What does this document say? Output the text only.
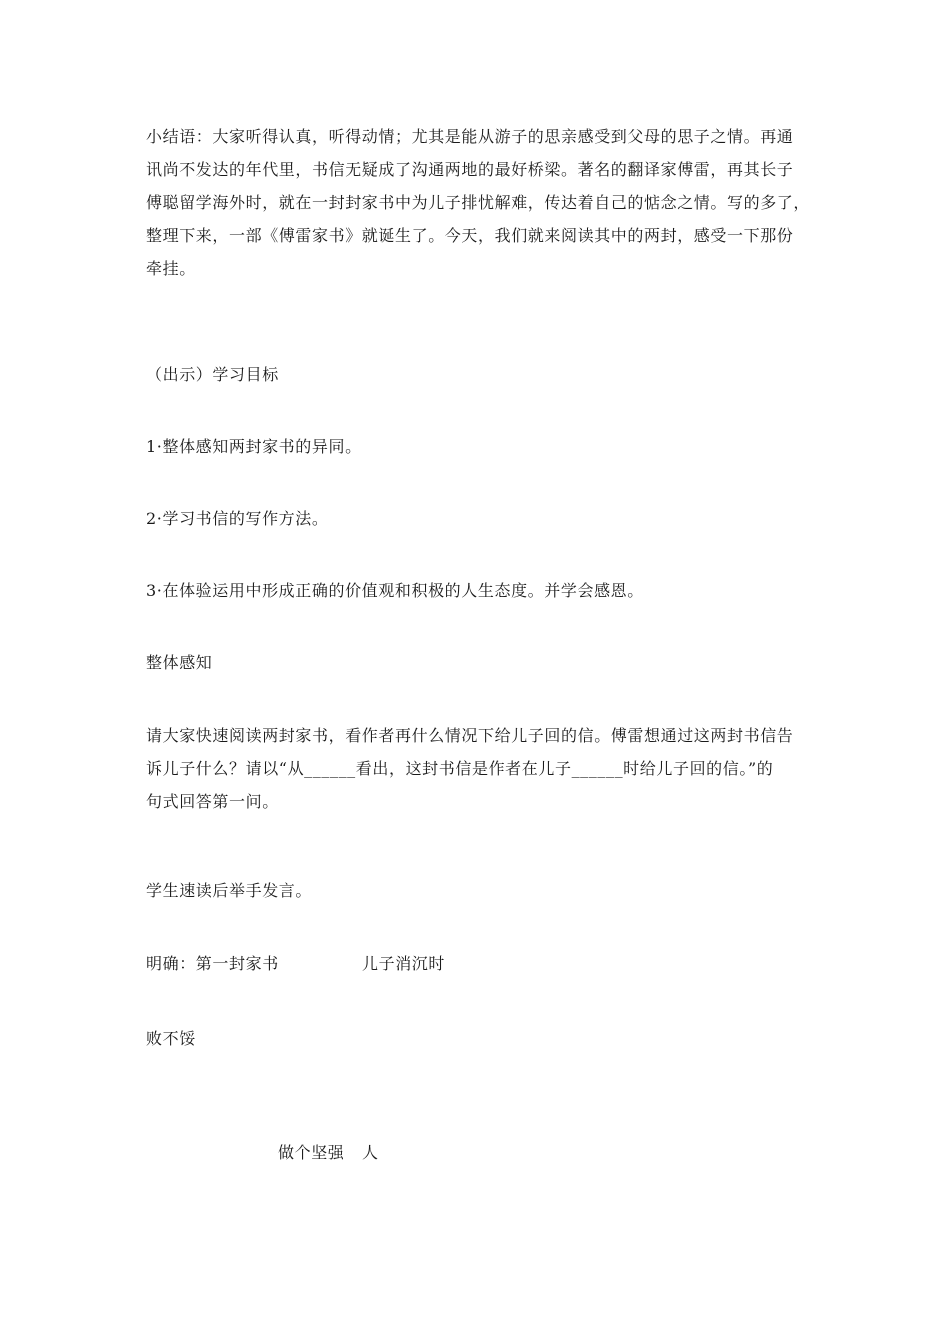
小结语：大家听得认真，听得动情；尤其是能从游子的思亲感受到父母的思子之情。再通
讯尚不发达的年代里，书信无疑成了沟通两地的最好桥梁。著名的翻译家傅雷，再其长子
傅聪留学海外时，就在一封封家书中为儿子排忧解难，传达着自己的惦念之情。写的多了，
整理下来，一部《傅雷家书》就诞生了。今天，我们就来阅读其中的两封，感受一下那份
牵挂。

（出示）学习目标

1·整体感知两封家书的异同。

2·学习书信的写作方法。

3·在体验运用中形成正确的价值观和积极的人生态度。并学会感恩。

整体感知

请大家快速阅读两封家书，看作者再什么情况下给儿子回的信。傅雷想通过这两封书信告
诉儿子什么？请以“从______看出，这封书信是作者在儿子______时给儿子回的信。”的
句式回答第一问。

学生速读后举手发言。

明确：第一封家书	儿子消沉时

败不馁

做个坚强 人
